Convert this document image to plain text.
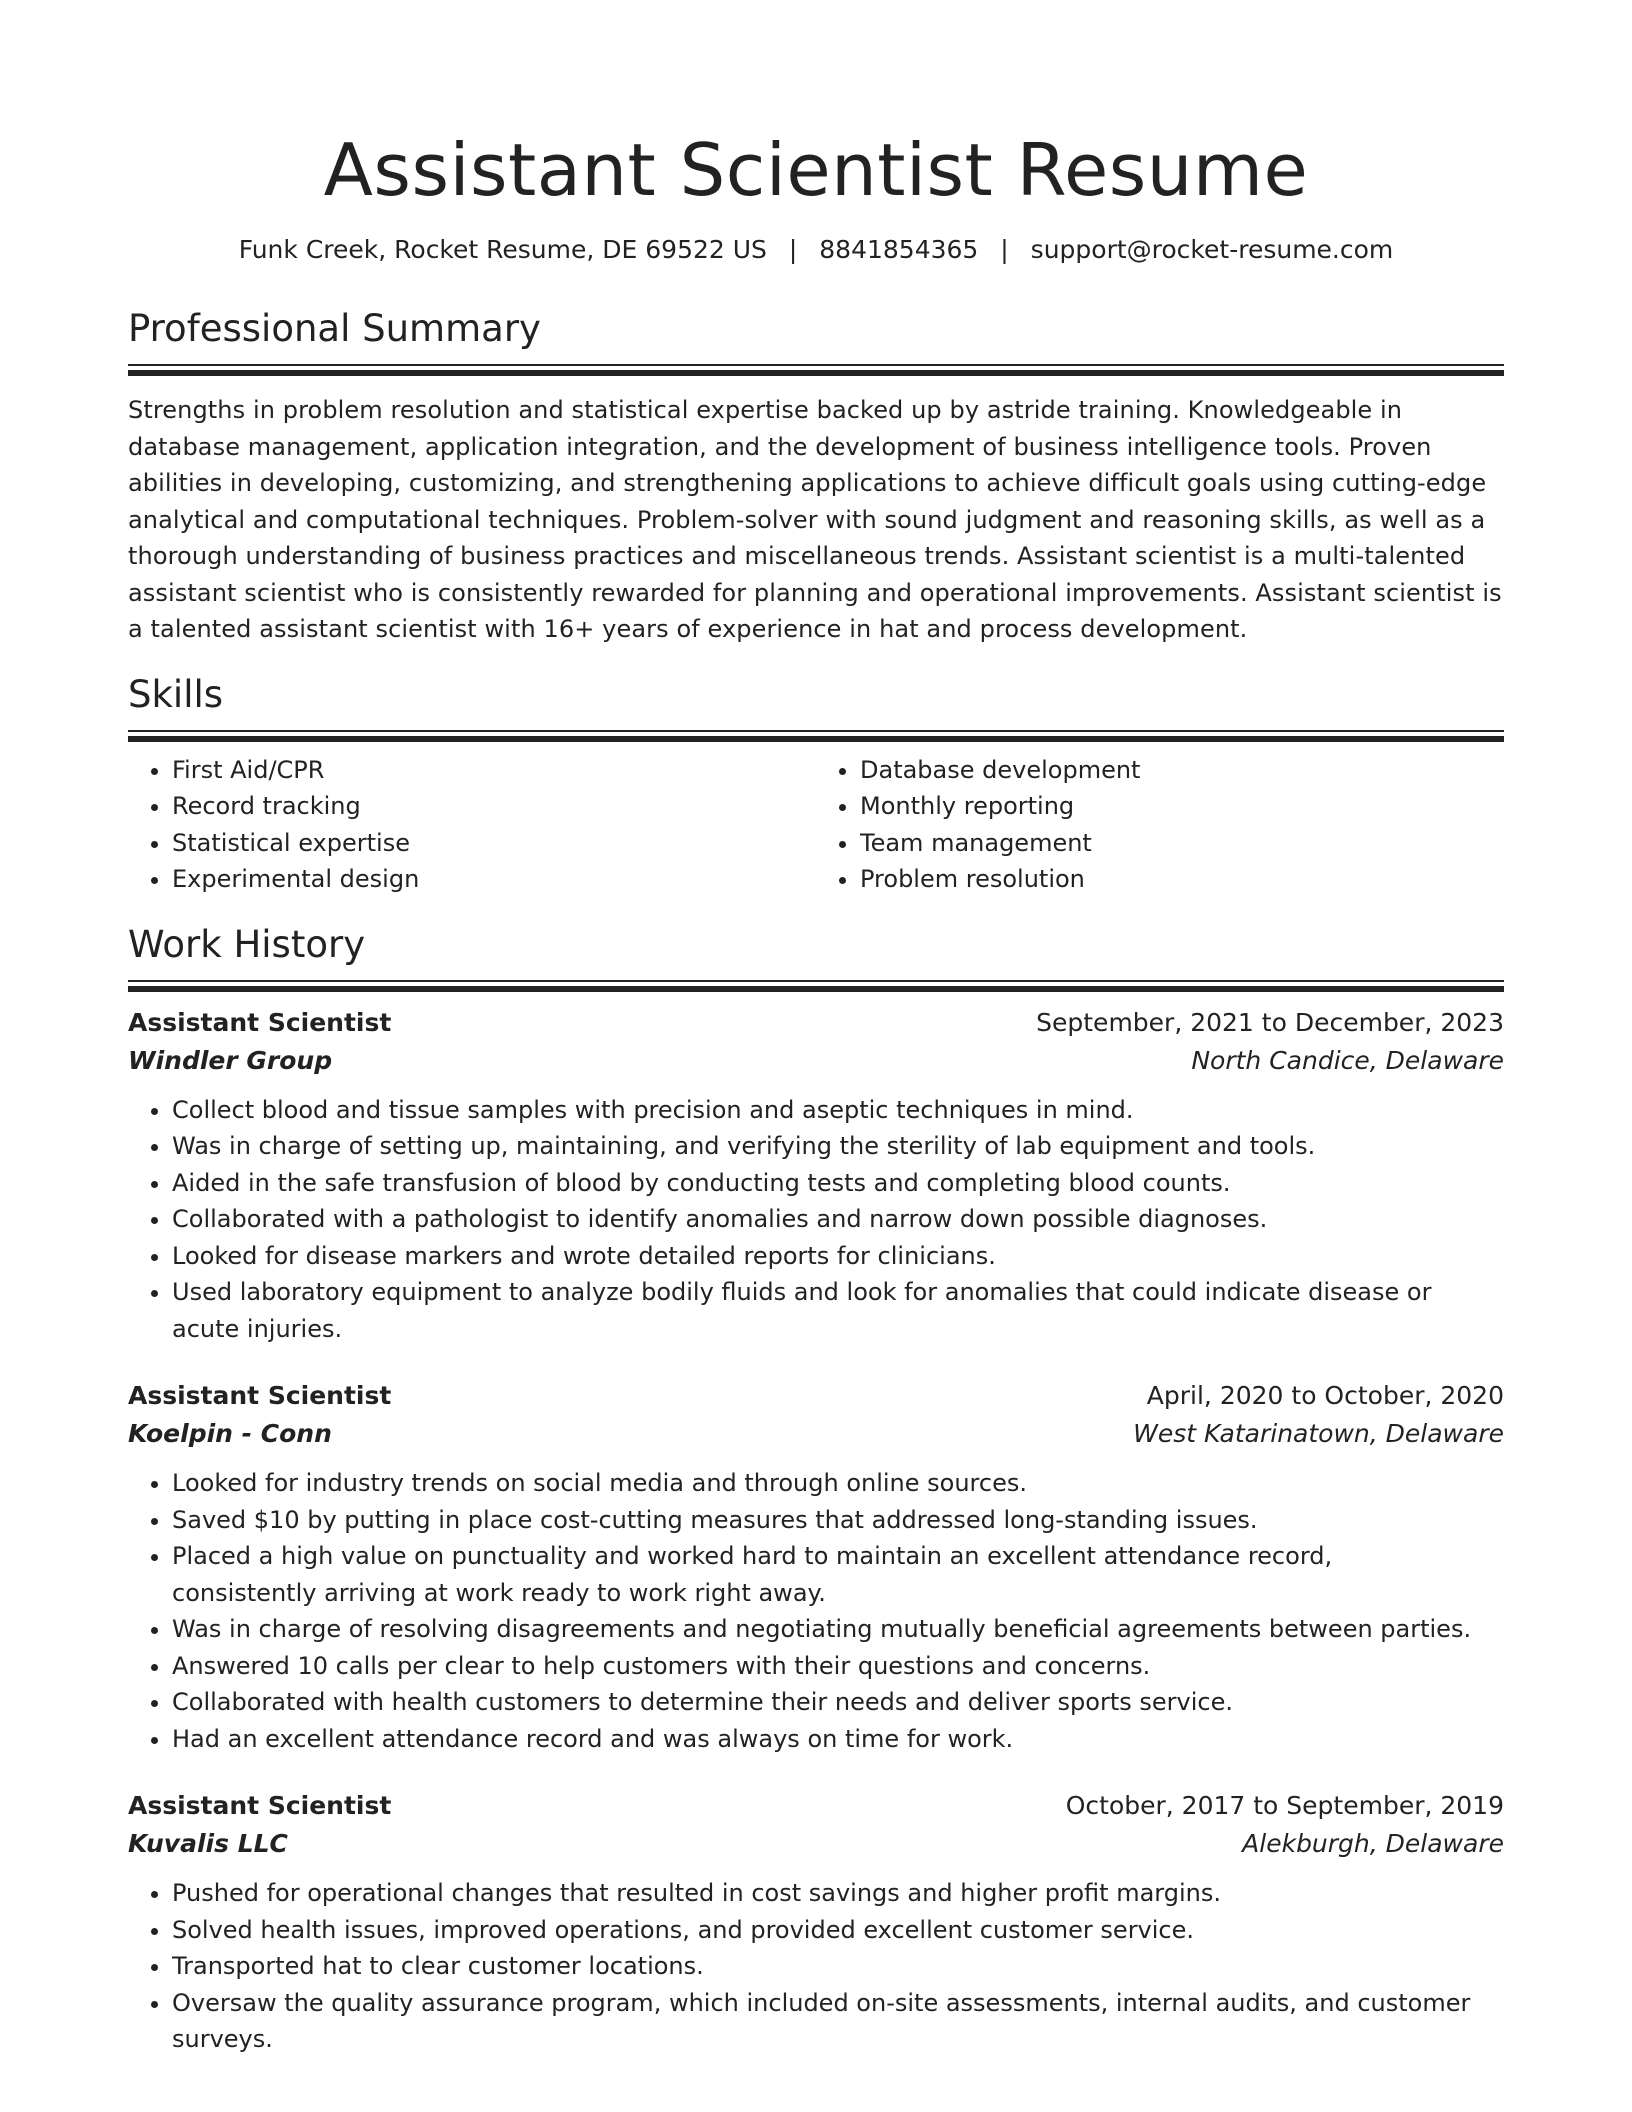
Assistant Scientist Resume
Funk Creek, Rocket Resume, DE 69522 US | 8841854365 | support@rocket-resume.com
Professional Summary

Strengths in problem resolution and statistical expertise backed up by astride training. Knowledgeable in database management, application integration, and the development of business intelligence tools. Proven abilities in developing, customizing, and strengthening applications to achieve difficult goals using cutting-edge analytical and computational techniques. Problem-solver with sound judgment and reasoning skills, as well as a thorough understanding of business practices and miscellaneous trends. Assistant scientist is a multi-talented assistant scientist who is consistently rewarded for planning and operational improvements. Assistant scientist is a talented assistant scientist with 16+ years of experience in hat and process development.

Skills
• First Aid/CPR
• Record tracking
• Statistical expertise
• Experimental design
• Database development
• Monthly reporting
• Team management
• Problem resolution
Work History
Assistant Scientist	September, 2021 to December, 2023
Windler Group	North Candice, Delaware
• Collect blood and tissue samples with precision and aseptic techniques in mind.
• Was in charge of setting up, maintaining, and verifying the sterility of lab equipment and tools.
• Aided in the safe transfusion of blood by conducting tests and completing blood counts.
• Collaborated with a pathologist to identify anomalies and narrow down possible diagnoses.
• Looked for disease markers and wrote detailed reports for clinicians.
• Used laboratory equipment to analyze bodily fluids and look for anomalies that could indicate disease or acute injuries.
Assistant Scientist	April, 2020 to October, 2020
Koelpin - Conn	West Katarinatown, Delaware
• Looked for industry trends on social media and through online sources.
• Saved $10 by putting in place cost-cutting measures that addressed long-standing issues.
• Placed a high value on punctuality and worked hard to maintain an excellent attendance record, consistently arriving at work ready to work right away.
• Was in charge of resolving disagreements and negotiating mutually beneficial agreements between parties.
• Answered 10 calls per clear to help customers with their questions and concerns.
• Collaborated with health customers to determine their needs and deliver sports service.
• Had an excellent attendance record and was always on time for work.
Assistant Scientist	October, 2017 to September, 2019
Kuvalis LLC	Alekburgh, Delaware
• Pushed for operational changes that resulted in cost savings and higher profit margins.
• Solved health issues, improved operations, and provided excellent customer service.
• Transported hat to clear customer locations.
• Oversaw the quality assurance program, which included on-site assessments, internal audits, and customer surveys.
